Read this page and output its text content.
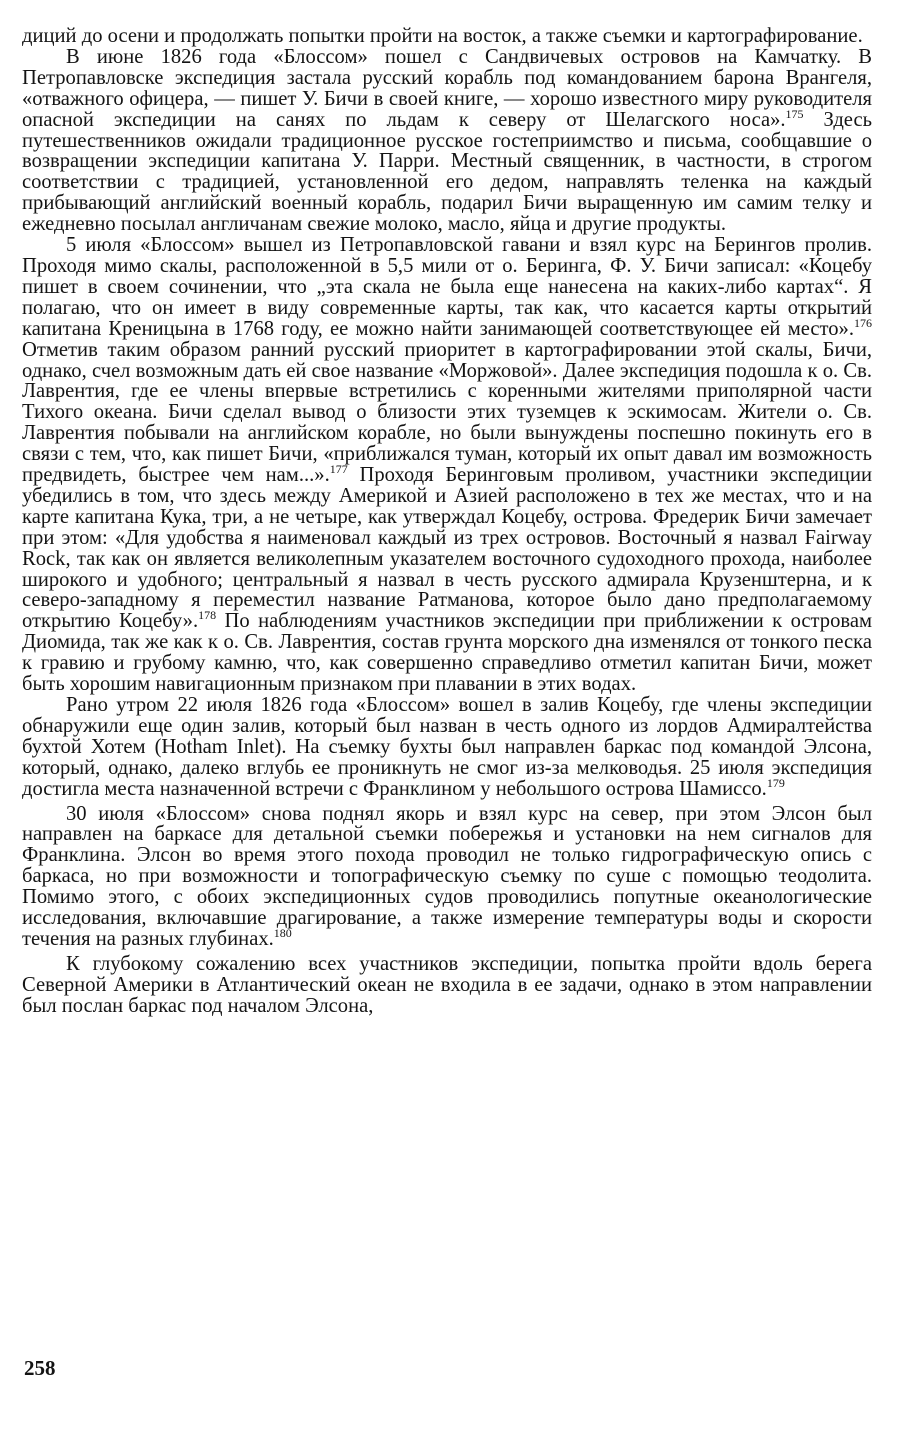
диций до осени и продолжать попытки пройти на восток, а также съемки и картографирование.

В июне 1826 года «Блоссом» пошел с Сандвичевых островов на Камчатку. В Петропавловске экспедиция застала русский корабль под командованием барона Врангеля, «отважного офицера, — пишет У. Бичи в своей книге, — хорошо известного миру руководителя опасной экспедиции на санях по льдам к северу от Шелагского носа».$^{175}$ Здесь путешественников ожидали традиционное русское гостеприимство и письма, сообщавшие о возвращении экспедиции капитана У. Парри. Местный священник, в частности, в строгом соответствии с традицией, установленной его дедом, направлять теленка на каждый прибывающий английский военный корабль, подарил Бичи выращенную им самим телку и ежедневно посылал англичанам свежие молоко, масло, яйца и другие продукты.

5 июля «Блоссом» вышел из Петропавловской гавани и взял курс на Берингов пролив. Проходя мимо скалы, расположенной в 5,5 мили от о. Беринга, Ф. У. Бичи записал: «Коцебу пишет в своем сочинении, что „эта скала не была еще нанесена на каких-либо картах“. Я полагаю, что он имеет в виду современные карты, так как, что касается карты открытий капитана Креницына в 1768 году, ее можно найти занимающей соответствующее ей место».$^{176}$ Отметив таким образом ранний русский приоритет в картографировании этой скалы, Бичи, однако, счел возможным дать ей свое название «Моржовой». Далее экспедиция подошла к о. Св. Лаврентия, где ее члены впервые встретились с коренными жителями приполярной части Тихого океана. Бичи сделал вывод о близости этих туземцев к эскимосам. Жители о. Св. Лаврентия побывали на английском корабле, но были вынуждены поспешно покинуть его в связи с тем, что, как пишет Бичи, «приближался туман, который их опыт давал им возможность предвидеть, быстрее чем нам...».$^{177}$ Проходя Беринговым проливом, участники экспедиции убедились в том, что здесь между Америкой и Азией расположено в тех же местах, что и на карте капитана Кука, три, а не четыре, как утверждал Коцебу, острова. Фредерик Бичи замечает при этом: «Для удобства я наименовал каждый из трех островов. Восточный я назвал Fairway Rock, так как он является великолепным указателем восточного судоходного прохода, наиболее широкого и удобного; центральный я назвал в честь русского адмирала Крузенштерна, и к северо-западному я переместил название Ратманова, которое было дано предполагаемому открытию Коцебу».$^{178}$ По наблюдениям участников экспедиции при приближении к островам Диомида, так же как к о. Св. Лаврентия, состав грунта морского дна изменялся от тонкого песка к гравию и грубому камню, что, как совершенно справедливо отметил капитан Бичи, может быть хорошим навигационным признаком при плавании в этих водах.

Рано утром 22 июля 1826 года «Блоссом» вошел в залив Коцебу, где члены экспедиции обнаружили еще один залив, который был назван в честь одного из лордов Адмиралтейства бухтой Хотем (Hotham Inlet). На съемку бухты был направлен баркас под командой Элсона, который, однако, далеко вглубь ее проникнуть не смог из-за мелководья. 25 июля экспедиция достигла места назначенной встречи с Франклином у небольшого острова Шамиссо.$^{179}$

30 июля «Блоссом» снова поднял якорь и взял курс на север, при этом Элсон был направлен на баркасе для детальной съемки побережья и установки на нем сигналов для Франклина. Элсон во время этого похода проводил не только гидрографическую опись с баркаса, но при возможности и топографическую съемку по суше с помощью теодолита. Помимо этого, с обоих экспедиционных судов проводились попутные океанологические исследования, включавшие драгирование, а также измерение температуры воды и скорости течения на разных глубинах.$^{180}$

К глубокому сожалению всех участников экспедиции, попытка пройти вдоль берега Северной Америки в Атлантический океан не входила в ее задачи, однако в этом направлении был послан баркас под началом Элсона,

258
